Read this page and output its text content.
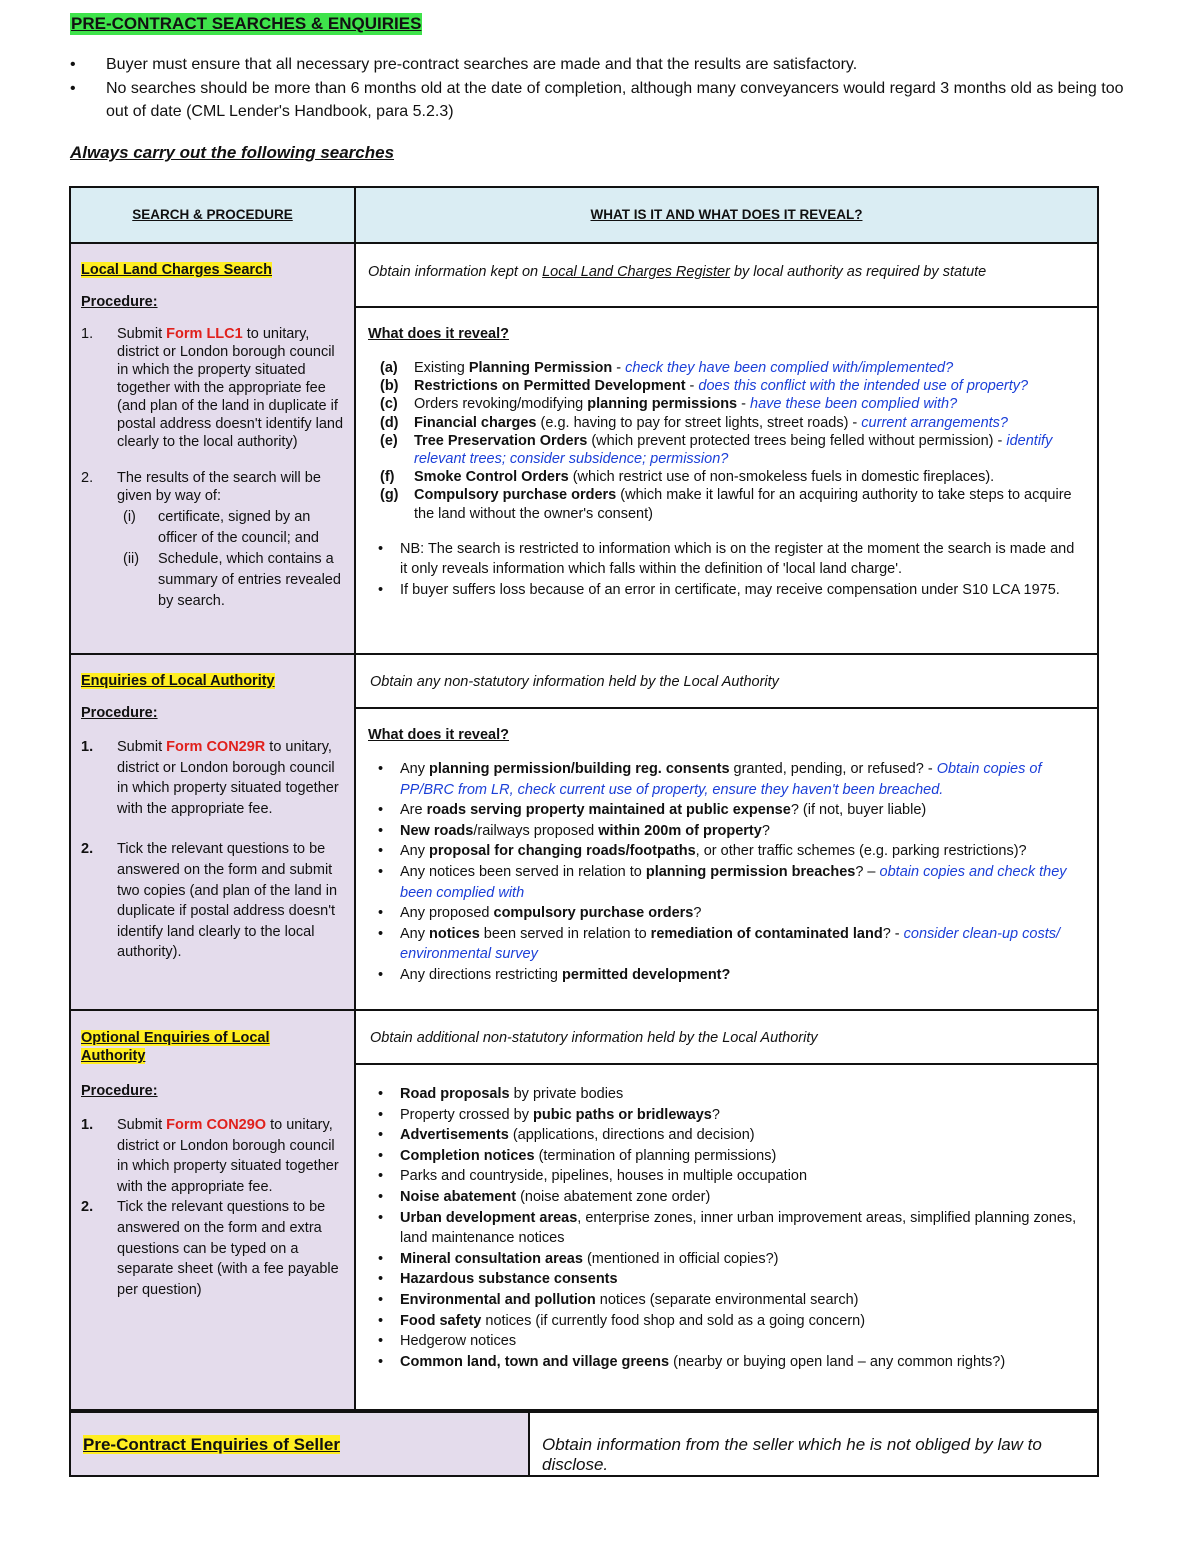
PRE-CONTRACT SEARCHES & ENQUIRIES
• Buyer must ensure that all necessary pre-contract searches are made and that the results are satisfactory.
• No searches should be more than 6 months old at the date of completion, although many conveyancers would regard 3 months old as being too out of date (CML Lender's Handbook, para 5.2.3)
Always carry out the following searches
SEARCH & PROCEDURE	WHAT IS IT AND WHAT DOES IT REVEAL?
Local Land Charges Search
Procedure:
1. Submit Form LLC1 to unitary, district or London borough council in which the property situated together with the appropriate fee (and plan of the land in duplicate if postal address doesn't identify land clearly to the local authority)
2. The results of the search will be given by way of:
(i) certificate, signed by an officer of the council; and
(ii) Schedule, which contains a summary of entries revealed by search.
Enquiries of Local Authority
Procedure:
1. Submit Form CON29R to unitary, district or London borough council in which property situated together with the appropriate fee.
2. Tick the relevant questions to be answered on the form and submit two copies (and plan of the land in duplicate if postal address doesn't identify land clearly to the local authority).
Optional Enquiries of Local Authority
Procedure:
1. Submit Form CON29O to unitary, district or London borough council in which property situated together with the appropriate fee.
2. Tick the relevant questions to be answered on the form and extra questions can be typed on a separate sheet (with a fee payable per question)
Obtain information kept on Local Land Charges Register by local authority as required by statute
What does it reveal?
(a) Existing Planning Permission - check they have been complied with/implemented?
(b) Restrictions on Permitted Development - does this conflict with the intended use of property?
(c) Orders revoking/modifying planning permissions - have these been complied with?
(d) Financial charges (e.g. having to pay for street lights, street roads) - current arrangements?
(e) Tree Preservation Orders (which prevent protected trees being felled without permission) - identify relevant trees; consider subsidence; permission?
(f) Smoke Control Orders (which restrict use of non-smokeless fuels in domestic fireplaces).
(g) Compulsory purchase orders (which make it lawful for an acquiring authority to take steps to acquire the land without the owner's consent)
• NB: The search is restricted to information which is on the register at the moment the search is made and it only reveals information which falls within the definition of 'local land charge'.
• If buyer suffers loss because of an error in certificate, may receive compensation under S10 LCA 1975.
Obtain any non-statutory information held by the Local Authority
What does it reveal?
• Any planning permission/building reg. consents granted, pending, or refused? - Obtain copies of PP/BRC from LR, check current use of property, ensure they haven't been breached.
• Are roads serving property maintained at public expense? (if not, buyer liable)
• New roads/railways proposed within 200m of property?
• Any proposal for changing roads/footpaths, or other traffic schemes (e.g. parking restrictions)?
• Any notices been served in relation to planning permission breaches? – obtain copies and check they been complied with
• Any proposed compulsory purchase orders?
• Any notices been served in relation to remediation of contaminated land? - consider clean-up costs/ environmental survey
• Any directions restricting permitted development?
Obtain additional non-statutory information held by the Local Authority
• Road proposals by private bodies
• Property crossed by pubic paths or bridleways?
• Advertisements (applications, directions and decision)
• Completion notices (termination of planning permissions)
• Parks and countryside, pipelines, houses in multiple occupation
• Noise abatement (noise abatement zone order)
• Urban development areas, enterprise zones, inner urban improvement areas, simplified planning zones, land maintenance notices
• Mineral consultation areas (mentioned in official copies?)
• Hazardous substance consents
• Environmental and pollution notices (separate environmental search)
• Food safety notices (if currently food shop and sold as a going concern)
• Hedgerow notices
• Common land, town and village greens (nearby or buying open land – any common rights?)
Pre-Contract Enquiries of Seller	Obtain information from the seller which he is not obliged by law to disclose.
